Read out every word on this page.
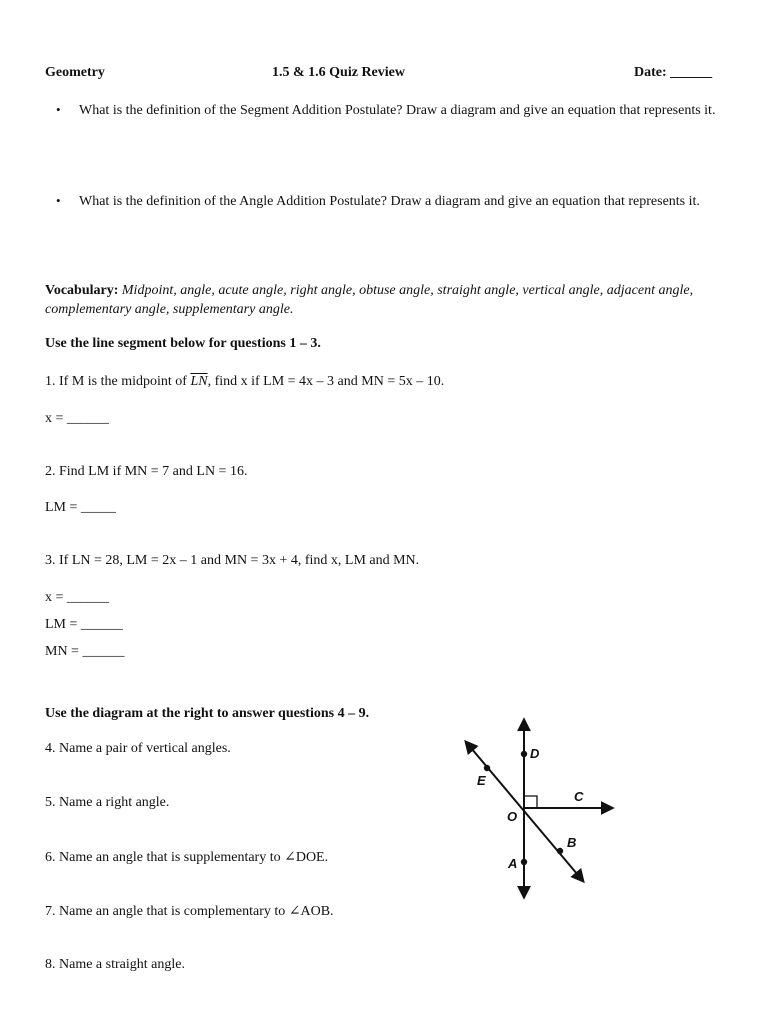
Geometry	1.5 & 1.6 Quiz Review	Date: ______
• What is the definition of the Segment Addition Postulate? Draw a diagram and give an equation that represents it.
• What is the definition of the Angle Addition Postulate? Draw a diagram and give an equation that represents it.
Vocabulary: Midpoint, angle, acute angle, right angle, obtuse angle, straight angle, vertical angle, adjacent angle, complementary angle, supplementary angle.
Use the line segment below for questions 1 – 3.
1. If M is the midpoint of $\overline{LN}$, find x if LM = 4x – 3 and MN = 5x – 10.
x = ______
2. Find LM if MN = 7 and LN = 16.
LM = _____
3. If LN = 28, LM = 2x – 1 and MN = 3x + 4, find x, LM and MN.
x = ______
LM = ______
MN = ______
Use the diagram at the right to answer questions 4 – 9.
4. Name a pair of vertical angles.
5. Name a right angle.
6. Name an angle that is supplementary to ∠DOE.
7. Name an angle that is complementary to ∠AOB.
8. Name a straight angle.
D
E
C
O
B
A
